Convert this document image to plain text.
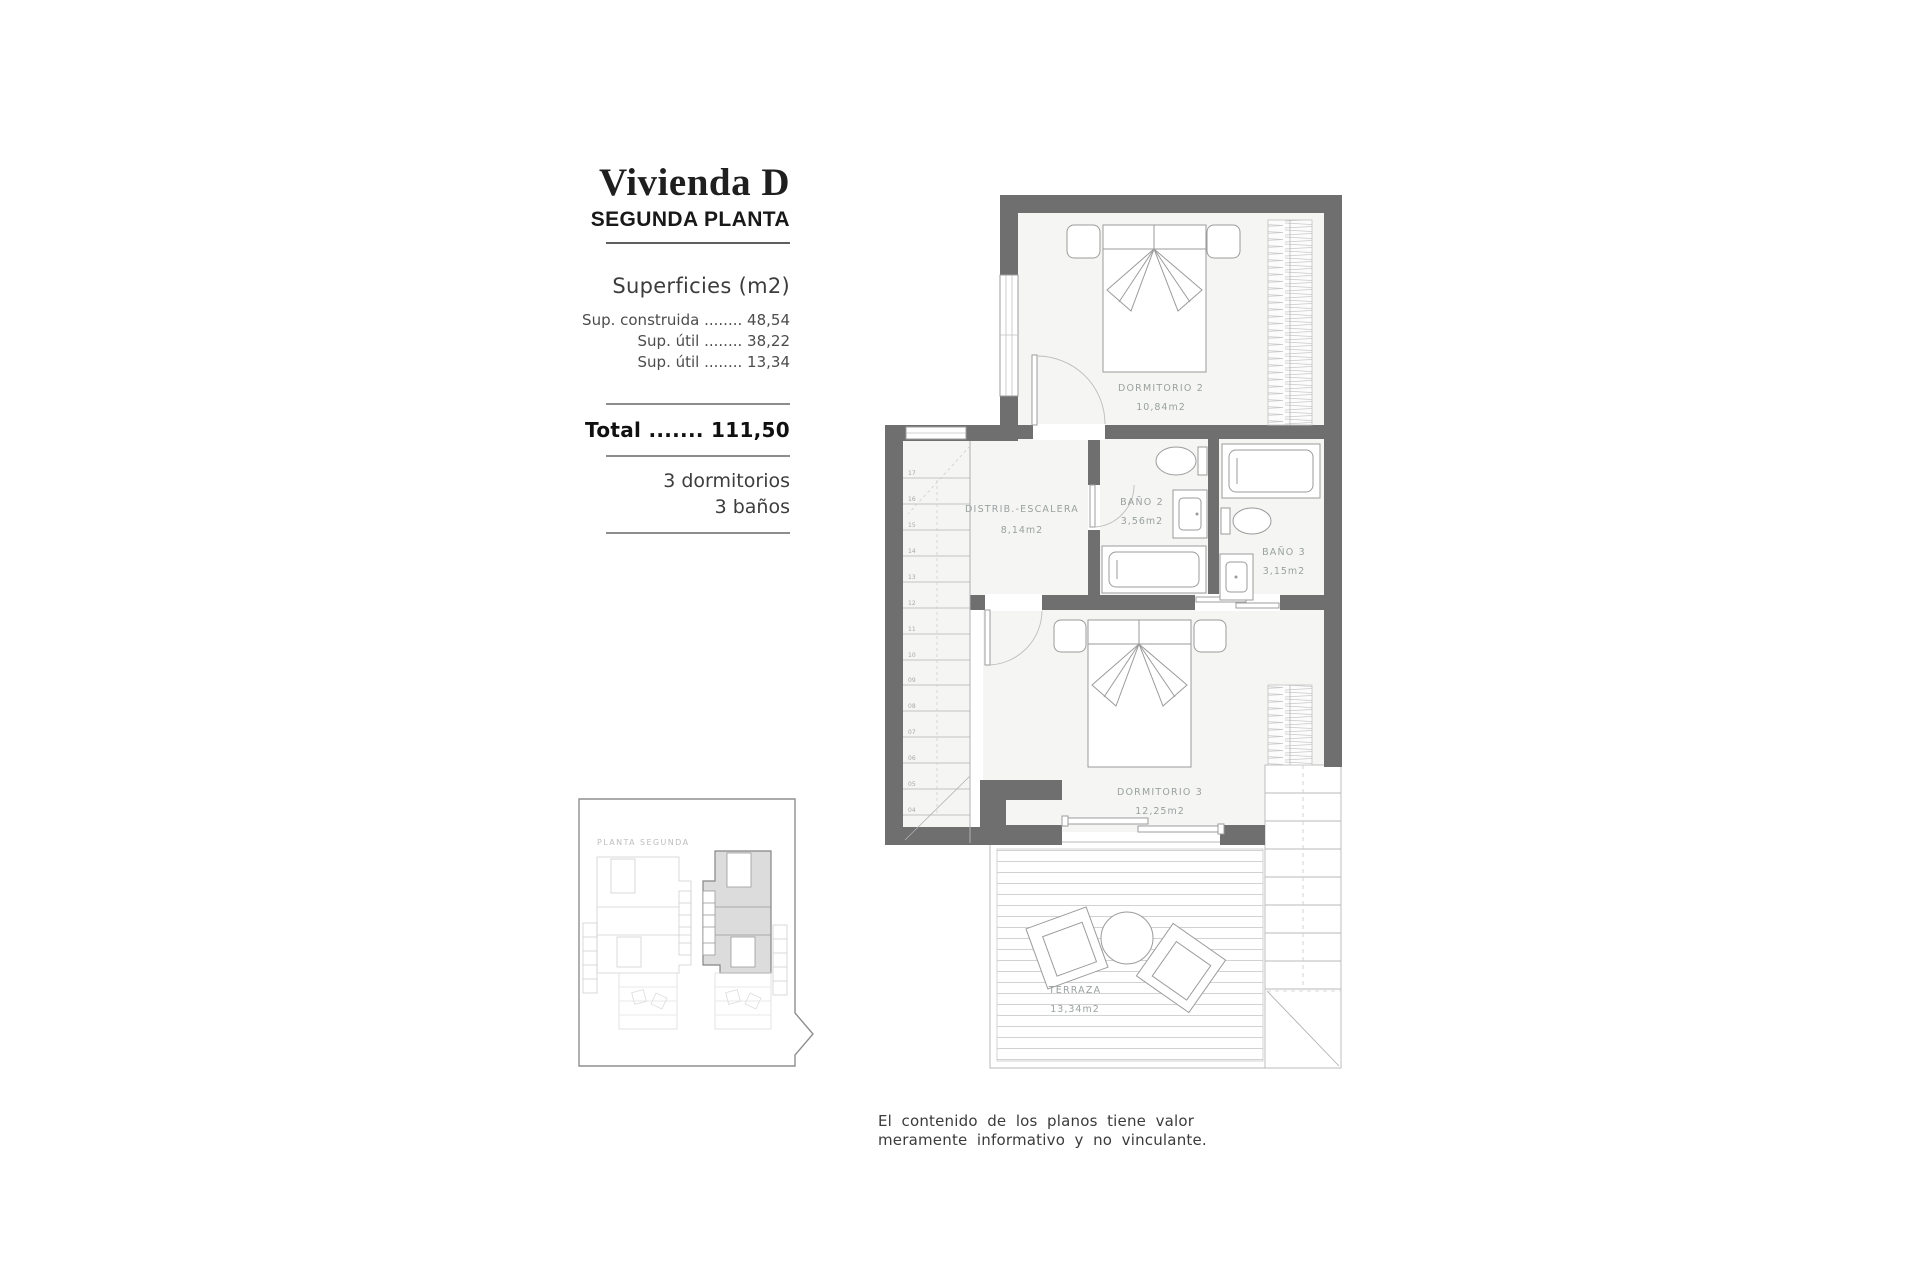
Vivienda D
SEGUNDA PLANTA
Superficies (m2)
Sup. construida ........ 48,54
Sup. útil ........ 38,22
Sup. útil ........ 13,34
Total ....... 111,50
3 dormitorios
3 baños
17
16
15
14
13
12
11
10
09
08
07
06
05
04
DORMITORIO 2
10,84m2
DISTRIB.-ESCALERA
8,14m2
BAÑO 2
3,56m2
BAÑO 3
3,15m2
DORMITORIO 3
12,25m2
TERRAZA
13,34m2
PLANTA SEGUNDA
El contenido de los planos tiene valor
meramente informativo y no vinculante.
